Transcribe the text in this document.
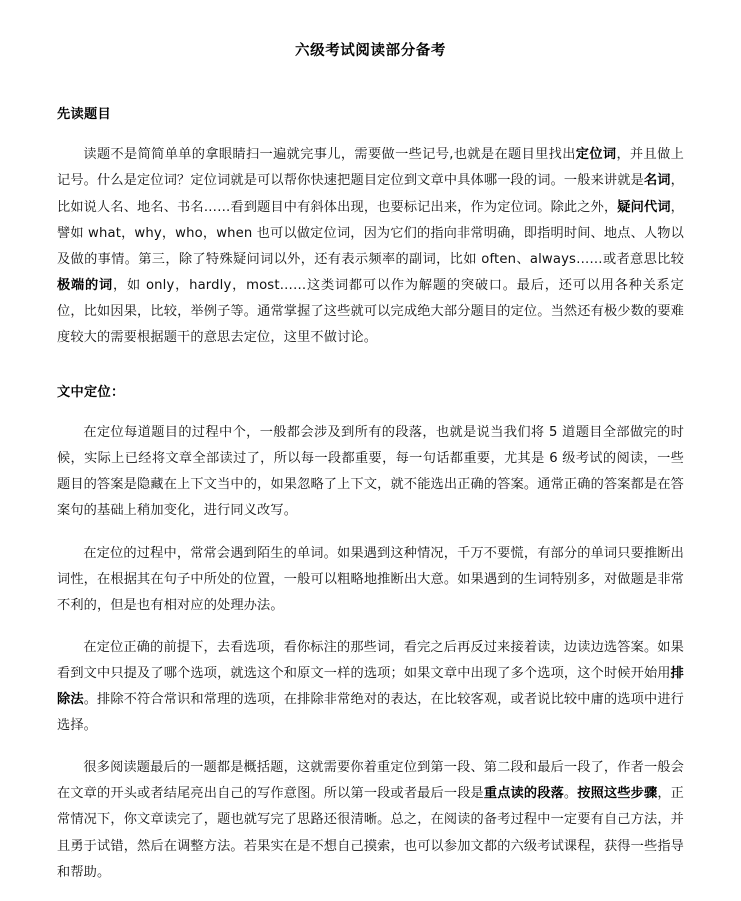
六级考试阅读部分备考
先读题目

读题不是简简单单的拿眼睛扫一遍就完事儿，需要做一些记号,也就是在题目里找出定位词，并且做上记号。什么是定位词？定位词就是可以帮你快速把题目定位到文章中具体哪一段的词。一般来讲就是名词，比如说人名、地名、书名……看到题目中有斜体出现，也要标记出来，作为定位词。除此之外，疑问代词，譬如 what，why，who，when 也可以做定位词，因为它们的指向非常明确，即指明时间、地点、人物以及做的事情。第三，除了特殊疑问词以外，还有表示频率的副词，比如 often、always……或者意思比较极端的词，如 only，hardly，most……这类词都可以作为解题的突破口。最后，还可以用各种关系定位，比如因果，比较，举例子等。通常掌握了这些就可以完成绝大部分题目的定位。当然还有极少数的要难度较大的需要根据题干的意思去定位，这里不做讨论。

文中定位：

在定位每道题目的过程中个，一般都会涉及到所有的段落，也就是说当我们将 5 道题目全部做完的时候，实际上已经将文章全部读过了，所以每一段都重要，每一句话都重要，尤其是 6 级考试的阅读，一些题目的答案是隐藏在上下文当中的，如果忽略了上下文，就不能选出正确的答案。通常正确的答案都是在答案句的基础上稍加变化，进行同义改写。

在定位的过程中，常常会遇到陌生的单词。如果遇到这种情况，千万不要慌，有部分的单词只要推断出词性，在根据其在句子中所处的位置，一般可以粗略地推断出大意。如果遇到的生词特别多，对做题是非常不利的，但是也有相对应的处理办法。

在定位正确的前提下，去看选项，看你标注的那些词，看完之后再反过来接着读，边读边选答案。如果看到文中只提及了哪个选项，就选这个和原文一样的选项；如果文章中出现了多个选项，这个时候开始用排除法。排除不符合常识和常理的选项，在排除非常绝对的表达，在比较客观，或者说比较中庸的选项中进行选择。

很多阅读题最后的一题都是概括题，这就需要你着重定位到第一段、第二段和最后一段了，作者一般会在文章的开头或者结尾亮出自己的写作意图。所以第一段或者最后一段是重点读的段落。按照这些步骤，正常情况下，你文章读完了，题也就写完了思路还很清晰。总之，在阅读的备考过程中一定要有自己方法，并且勇于试错，然后在调整方法。若果实在是不想自己摸索，也可以参加文都的六级考试课程，获得一些指导和帮助。
